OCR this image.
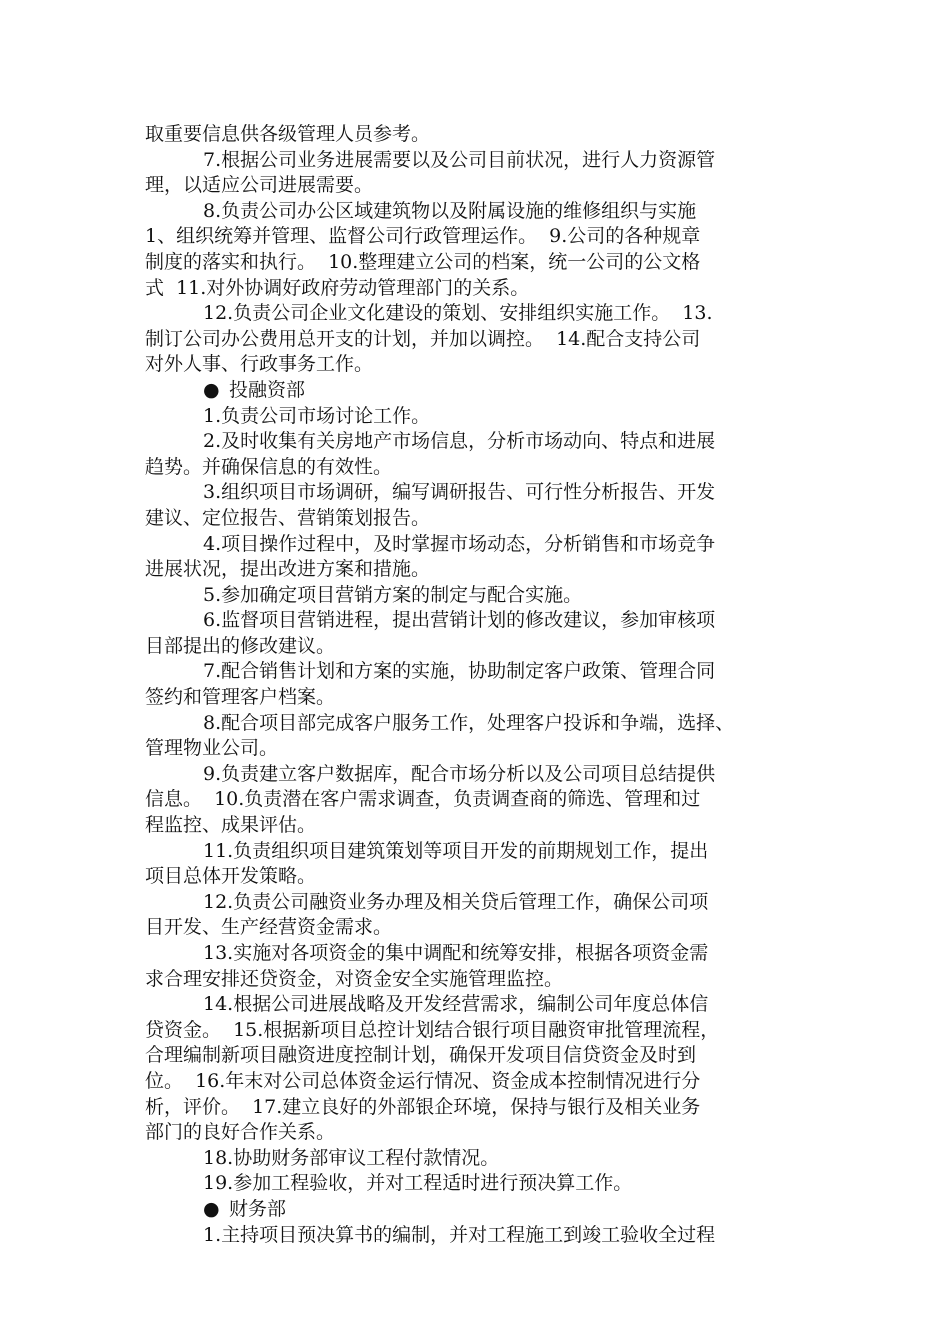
取重要信息供各级管理人员参考。
7.根据公司业务进展需要以及公司目前状况，进行人力资源管
理，以适应公司进展需要。
8.负责公司办公区域建筑物以及附属设施的维修组织与实施
1、组织统筹并管理、监督公司行政管理运作。  9.公司的各种规章
制度的落实和执行。  10.整理建立公司的档案，统一公司的公文格
式  11.对外协调好政府劳动管理部门的关系。
12.负责公司企业文化建设的策划、安排组织实施工作。  13.
制订公司办公费用总开支的计划，并加以调控。  14.配合支持公司
对外人事、行政事务工作。
● 投融资部
1.负责公司市场讨论工作。
2.及时收集有关房地产市场信息，分析市场动向、特点和进展
趋势。并确保信息的有效性。
3.组织项目市场调研，编写调研报告、可行性分析报告、开发
建议、定位报告、营销策划报告。
4.项目操作过程中，及时掌握市场动态，分析销售和市场竞争
进展状况，提出改进方案和措施。
5.参加确定项目营销方案的制定与配合实施。
6.监督项目营销进程，提出营销计划的修改建议，参加审核项
目部提出的修改建议。
7.配合销售计划和方案的实施，协助制定客户政策、管理合同
签约和管理客户档案。
8.配合项目部完成客户服务工作，处理客户投诉和争端，选择、
管理物业公司。
9.负责建立客户数据库，配合市场分析以及公司项目总结提供
信息。  10.负责潜在客户需求调查，负责调查商的筛选、管理和过
程监控、成果评估。
11.负责组织项目建筑策划等项目开发的前期规划工作，提出
项目总体开发策略。
12.负责公司融资业务办理及相关贷后管理工作，确保公司项
目开发、生产经营资金需求。
13.实施对各项资金的集中调配和统筹安排，根据各项资金需
求合理安排还贷资金，对资金安全实施管理监控。
14.根据公司进展战略及开发经营需求，编制公司年度总体信
贷资金。  15.根据新项目总控计划结合银行项目融资审批管理流程，
合理编制新项目融资进度控制计划，确保开发项目信贷资金及时到
位。  16.年末对公司总体资金运行情况、资金成本控制情况进行分
析，评价。  17.建立良好的外部银企环境，保持与银行及相关业务
部门的良好合作关系。
18.协助财务部审议工程付款情况。
19.参加工程验收，并对工程适时进行预决算工作。
● 财务部
1.主持项目预决算书的编制，并对工程施工到竣工验收全过程
